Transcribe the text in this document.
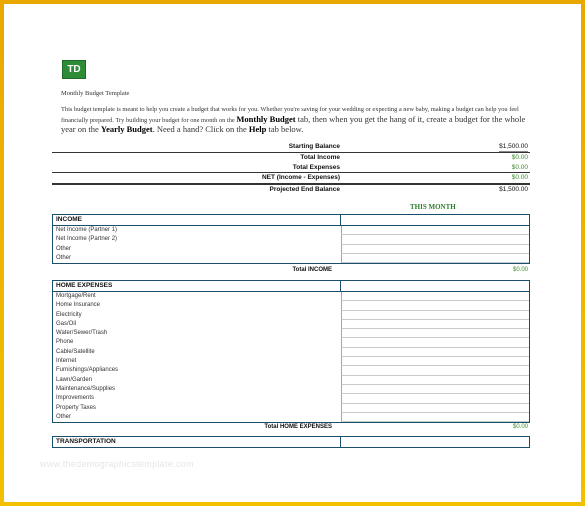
TD
Monthly Budget Template
This budget template is meant to help you create a budget that works for you. Whether you're saving for your wedding or expecting a new baby, making a budget can help you feel financially prepared. Try building your budget for one month on the Monthly Budget tab, then when you get the hang of it, create a budget for the whole year on the Yearly Budget. Need a hand? Click on the Help tab below.
Starting Balance	$1,500.00
Total Income	$0.00
Total Expenses	$0.00
NET (Income - Expenses)	$0.00
Projected End Balance	$1,500.00
THIS MONTH
INCOME
Net Income (Partner 1)
Net Income (Partner 2)
Other
Other
Total INCOME	$0.00
HOME EXPENSES
Mortgage/Rent
Home Insurance
Electricity
Gas/Oil
Water/Sewer/Trash
Phone
Cable/Satellite
Internet
Furnishings/Appliances
Lawn/Garden
Maintenance/Supplies
Improvements
Property Taxes
Other
Total HOME EXPENSES	$0.00
TRANSPORTATION
www.thedemographicstemplate.com
